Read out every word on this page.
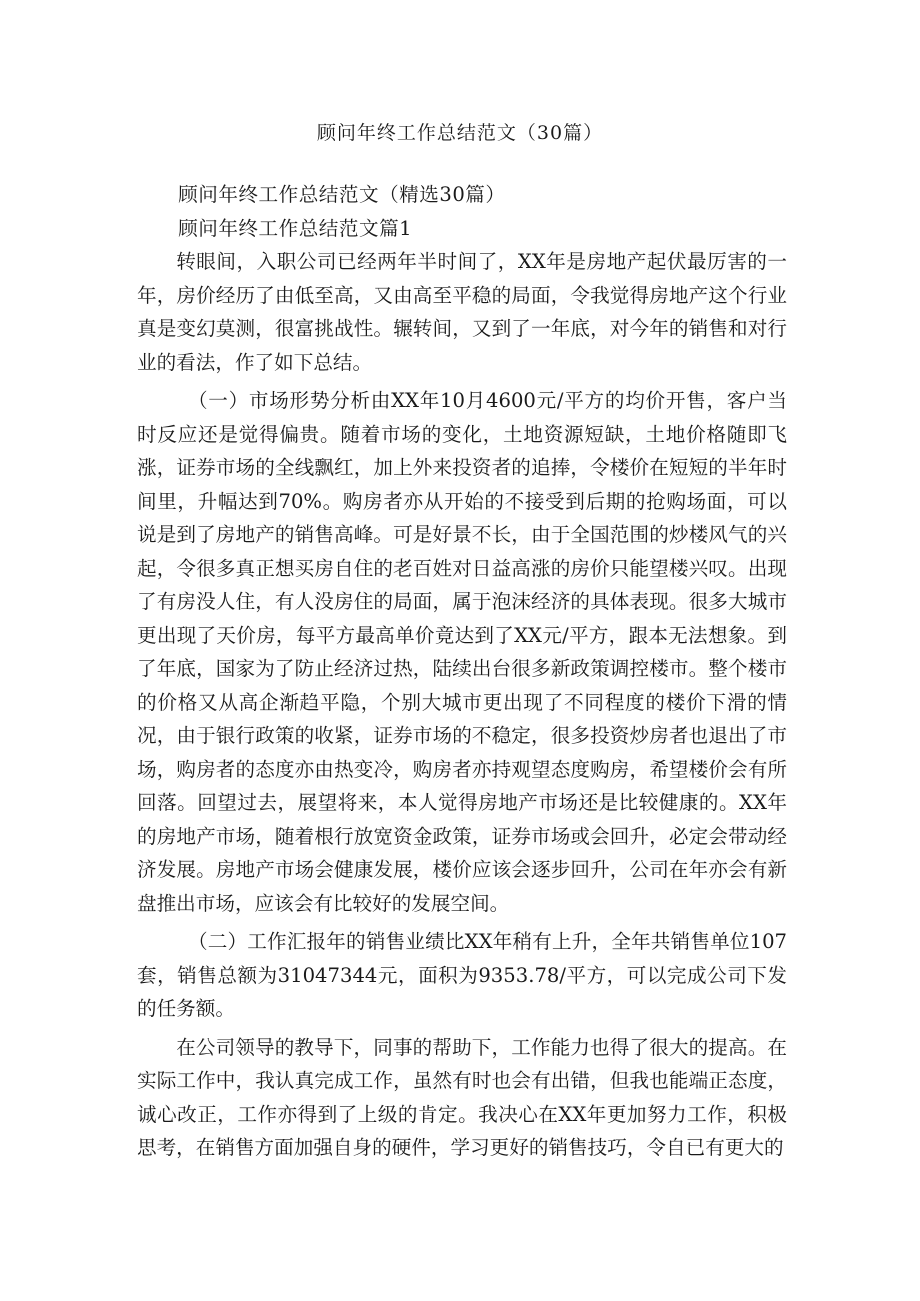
顾问年终工作总结范文（30篇）

顾问年终工作总结范文（精选30篇）

顾问年终工作总结范文篇1

转眼间，入职公司已经两年半时间了，XX年是房地产起伏最厉害的一年，房价经历了由低至高，又由高至平稳的局面，令我觉得房地产这个行业真是变幻莫测，很富挑战性。辗转间，又到了一年底，对今年的销售和对行业的看法，作了如下总结。

（一）市场形势分析由XX年10月4600元/平方的均价开售，客户当时反应还是觉得偏贵。随着市场的变化，土地资源短缺，土地价格随即飞涨，证券市场的全线飘红，加上外来投资者的追捧，令楼价在短短的半年时间里，升幅达到70%。购房者亦从开始的不接受到后期的抢购场面，可以说是到了房地产的销售高峰。可是好景不长，由于全国范围的炒楼风气的兴起，令很多真正想买房自住的老百姓对日益高涨的房价只能望楼兴叹。出现了有房没人住，有人没房住的局面，属于泡沫经济的具体表现。很多大城市更出现了天价房，每平方最高单价竟达到了XX元/平方，跟本无法想象。到了年底，国家为了防止经济过热，陆续出台很多新政策调控楼市。整个楼市的价格又从高企渐趋平隐，个别大城市更出现了不同程度的楼价下滑的情况，由于银行政策的收紧，证券市场的不稳定，很多投资炒房者也退出了市场，购房者的态度亦由热变冷，购房者亦持观望态度购房，希望楼价会有所回落。回望过去，展望将来，本人觉得房地产市场还是比较健康的。XX年的房地产市场，随着根行放宽资金政策，证券市场或会回升，必定会带动经济发展。房地产市场会健康发展，楼价应该会逐步回升，公司在年亦会有新盘推出市场，应该会有比较好的发展空间。

（二）工作汇报年的销售业绩比XX年稍有上升，全年共销售单位107套，销售总额为31047344元，面积为9353.78/平方，可以完成公司下发的任务额。

在公司领导的教导下，同事的帮助下，工作能力也得了很大的提高。在实际工作中，我认真完成工作，虽然有时也会有出错，但我也能端正态度，诚心改正，工作亦得到了上级的肯定。我决心在XX年更加努力工作，积极思考，在销售方面加强自身的硬件，学习更好的销售技巧，令自已有更大的
